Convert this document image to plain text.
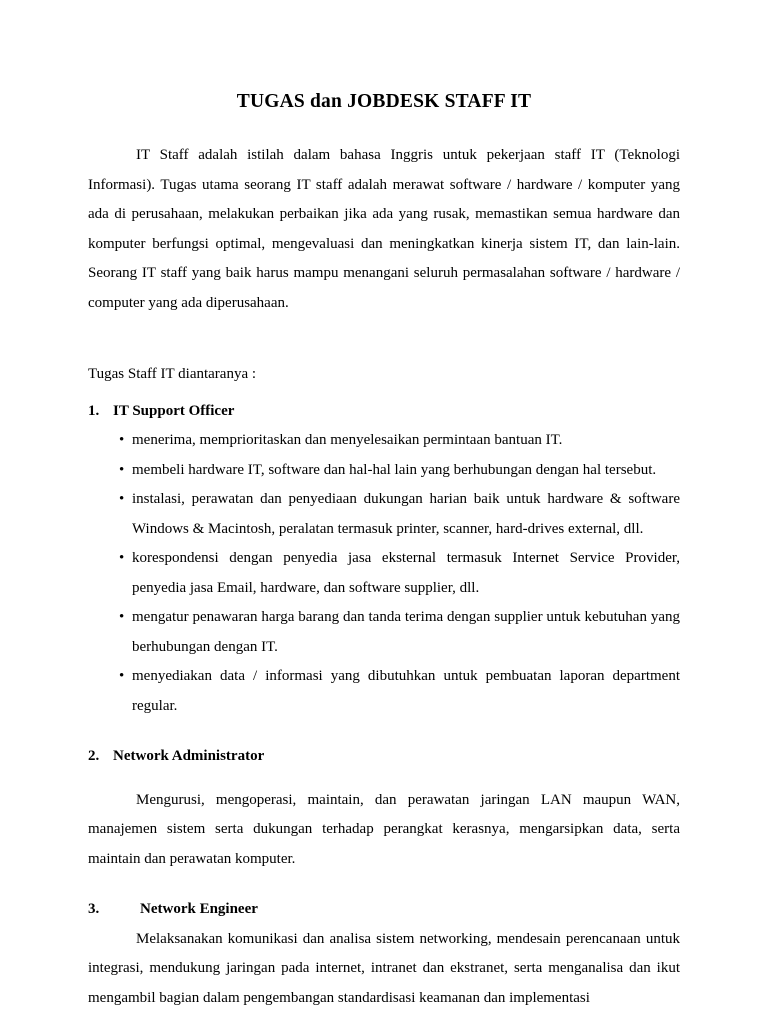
TUGAS dan JOBDESK STAFF IT

IT Staff adalah istilah dalam bahasa Inggris untuk pekerjaan staff IT (Teknologi Informasi). Tugas utama seorang IT staff adalah merawat software / hardware / komputer yang ada di perusahaan, melakukan perbaikan jika ada yang rusak, memastikan semua hardware dan komputer berfungsi optimal, mengevaluasi dan meningkatkan kinerja sistem IT, dan lain-lain. Seorang IT staff yang baik harus mampu menangani seluruh permasalahan software / hardware / computer yang ada diperusahaan.

Tugas Staff IT diantaranya :

1. IT Support Officer
• menerima, memprioritaskan dan menyelesaikan permintaan bantuan IT.
• membeli hardware IT, software dan hal-hal lain yang berhubungan dengan hal tersebut.
• instalasi, perawatan dan penyediaan dukungan harian baik untuk hardware & software Windows & Macintosh, peralatan termasuk printer, scanner, hard-drives external, dll.
• korespondensi dengan penyedia jasa eksternal termasuk Internet Service Provider, penyedia jasa Email, hardware, dan software supplier, dll.
• mengatur penawaran harga barang dan tanda terima dengan supplier untuk kebutuhan yang berhubungan dengan IT.
• menyediakan data / informasi yang dibutuhkan untuk pembuatan laporan department regular.
2. Network Administrator

Mengurusi, mengoperasi, maintain, dan perawatan jaringan LAN maupun WAN, manajemen sistem serta dukungan terhadap perangkat kerasnya, mengarsipkan data, serta maintain dan perawatan komputer.

3.	Network Engineer

Melaksanakan komunikasi dan analisa sistem networking, mendesain perencanaan untuk integrasi, mendukung jaringan pada internet, intranet dan ekstranet, serta menganalisa dan ikut mengambil bagian dalam pengembangan standardisasi keamanan dan implementasi
